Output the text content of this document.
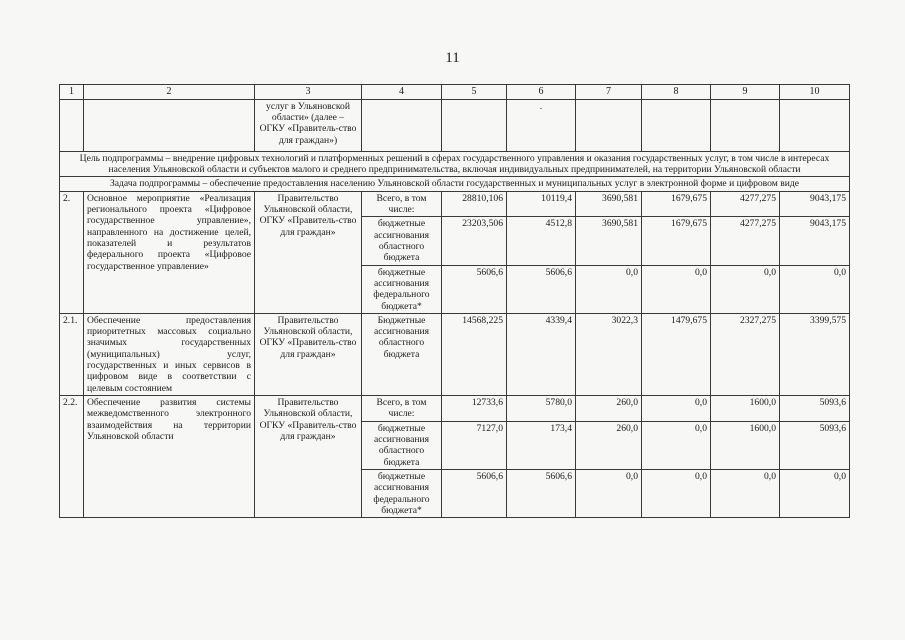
11
1	2	3	4	5	6	7	8	9	10
		услуг в Ульяновской области» (далее – ОГКУ «Правитель-ство для граждан»)			.				
Цель подпрограммы – внедрение цифровых технологий и платформенных решений в сферах государственного управления и оказания государственных услуг, в том числе в интересах населения Ульяновской области и субъектов малого и среднего предпринимательства, включая индивидуальных предпринимателей, на территории Ульяновской области									
Задача подпрограммы – обеспечение предоставления населению Ульяновской области государственных и муниципальных услуг в электронной форме и цифровом виде									
2.	Основное мероприятие «Реализация регионального проекта «Цифровое государственное управление», направленного на достижение целей, показателей и результатов федерального проекта «Цифровое государственное управление»	Правительство Ульяновской области, ОГКУ «Правитель-ство для граждан»	Всего, в том числе:	28810,106	10119,4	3690,581	1679,675	4277,275	9043,175
			бюджетные ассигнования областного бюджета	23203,506	4512,8	3690,581	1679,675	4277,275	9043,175
			бюджетные ассигнования федерального бюджета*	5606,6	5606,6	0,0	0,0	0,0	0,0
2.1.	Обеспечение предоставления приоритетных массовых социально значимых государственных (муниципальных) услуг, государственных и иных сервисов в цифровом виде в соответствии с целевым состоянием	Правительство Ульяновской области, ОГКУ «Правитель-ство для граждан»	Бюджетные ассигнования областного бюджета	14568,225	4339,4	3022,3	1479,675	2327,275	3399,575
2.2.	Обеспечение развития системы межведомственного электронного взаимодействия на территории Ульяновской области	Правительство Ульяновской области, ОГКУ «Правитель-ство для граждан»	Всего, в том числе:	12733,6	5780,0	260,0	0,0	1600,0	5093,6
			бюджетные ассигнования областного бюджета	7127,0	173,4	260,0	0,0	1600,0	5093,6
			бюджетные ассигнования федерального бюджета*	5606,6	5606,6	0,0	0,0	0,0	0,0
